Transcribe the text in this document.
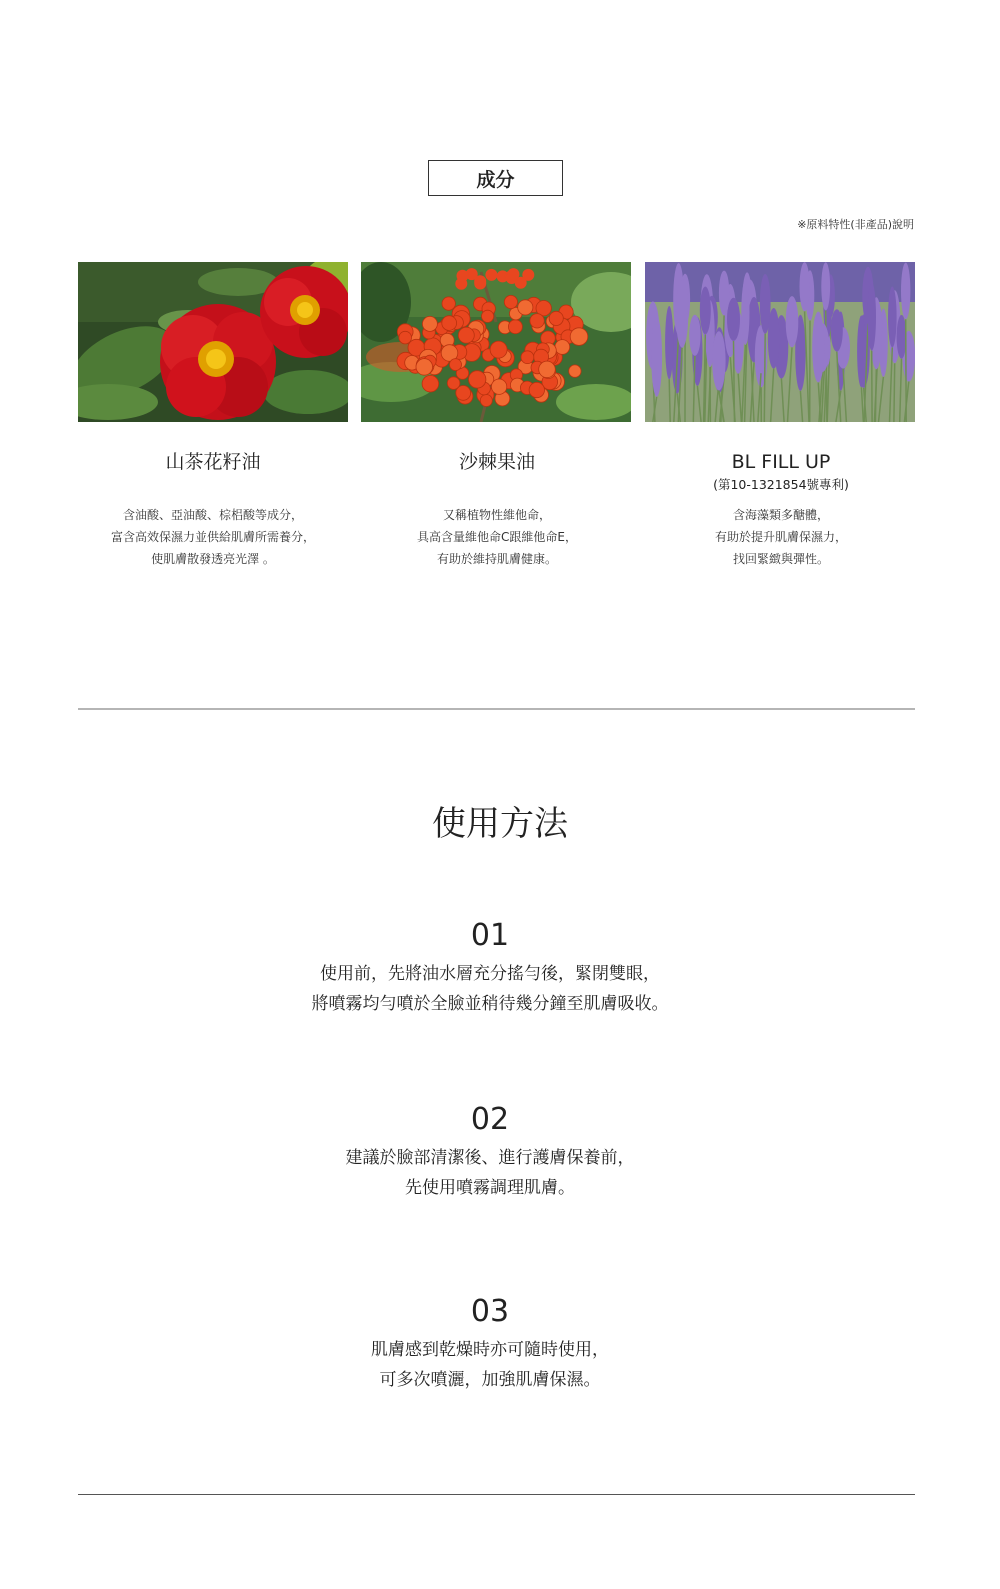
成分
※原料特性(非產品)說明
山茶花籽油
含油酸、亞油酸、棕梠酸等成分，
富含高效保濕力並供給肌膚所需養分，
使肌膚散發透亮光澤 。
沙棘果油
又稱植物性維他命，
具高含量維他命C跟維他命E，
有助於維持肌膚健康。
BL FILL UP
(第10-1321854號專利)
含海藻類多醣體，
有助於提升肌膚保濕力，
找回緊緻與彈性。
使用方法
01
使用前，先將油水層充分搖勻後，緊閉雙眼，
將噴霧均勻噴於全臉並稍待幾分鐘至肌膚吸收。
02
建議於臉部清潔後、進行護膚保養前，
先使用噴霧調理肌膚。
03
肌膚感到乾燥時亦可隨時使用，
可多次噴灑，加強肌膚保濕。
